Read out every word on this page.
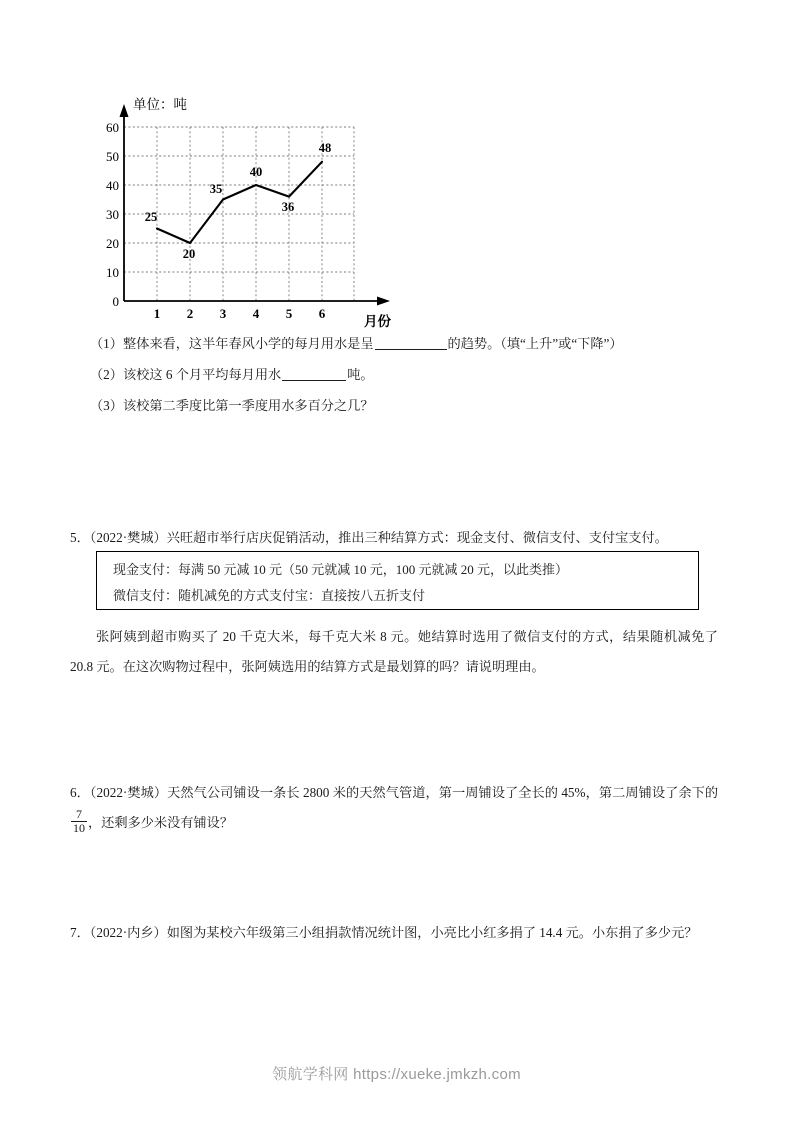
0
10
20
30
40
50
60
1 2 3 4 5 6
25
20
35
40
36
48
单位：吨
月份
（1）整体来看，这半年春风小学的每月用水是呈	的趋势。（填“上升”或“下降”）
（2）该校这 6 个月平均每月用水	吨。
（3）该校第二季度比第一季度用水多百分之几？
5．（2022·樊城）兴旺超市举行店庆促销活动，推出三种结算方式：现金支付、微信支付、支付宝支付。
现金支付：每满 50 元减 10 元（50 元就减 10 元，100 元就减 20 元，以此类推）
微信支付：随机减免的方式支付宝：直接按八五折支付
张阿姨到超市购买了 20 千克大米，每千克大米 8 元。她结算时选用了微信支付的方式，结果随机减免了 20.8 元。在这次购物过程中，张阿姨选用的结算方式是最划算的吗？请说明理由。
6．（2022·樊城）天然气公司铺设一条长 2800 米的天然气管道，第一周铺设了全长的 45%，第二周铺设了余下的
$\frac{7}{10}$ ，还剩多少米没有铺设？
7．（2022·内乡）如图为某校六年级第三小组捐款情况统计图，小亮比小红多捐了 14.4 元。小东捐了多少元？
领航学科网 https://xueke.jmkzh.com
